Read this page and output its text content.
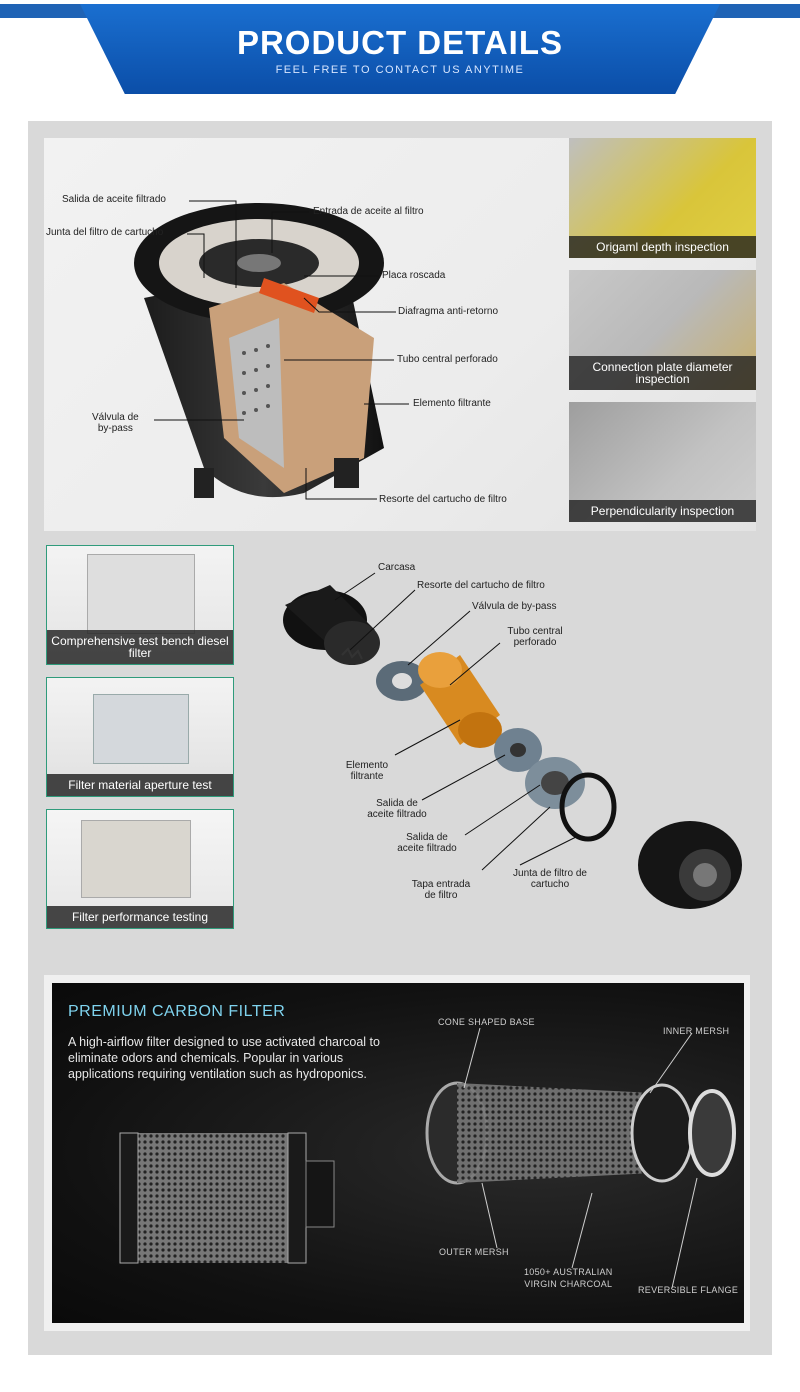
PRODUCT DETAILS
FEEL FREE TO CONTACT US ANYTIME
Salida de aceite filtrado
Junta del filtro de cartucho
Entrada de aceite al filtro
Placa roscada
Diafragma anti-retorno
Tubo central perforado
Válvula de
by-pass
Elemento filtrante
Resorte del cartucho de filtro
Origaml depth inspection
Connection plate diameter inspection
Perpendicularity inspection
Comprehensive test bench diesel filter
Filter material aperture test
Filter performance testing
Carcasa
Resorte del cartucho de filtro
Válvula de by-pass
Tubo central perforado
Elemento filtrante
Salida de aceite filtrado
Salida de aceite filtrado
Tapa entrada de filtro
Junta de filtro de cartucho
PREMIUM CARBON FILTER
A high-airflow filter designed to use activated charcoal to eliminate odors and chemicals. Popular in various applications requiring ventilation such as hydroponics.
CONE SHAPED BASE
INNER MERSH
OUTER MERSH
1050+ AUSTRALIAN
VIRGIN CHARCOAL
REVERSIBLE FLANGE
